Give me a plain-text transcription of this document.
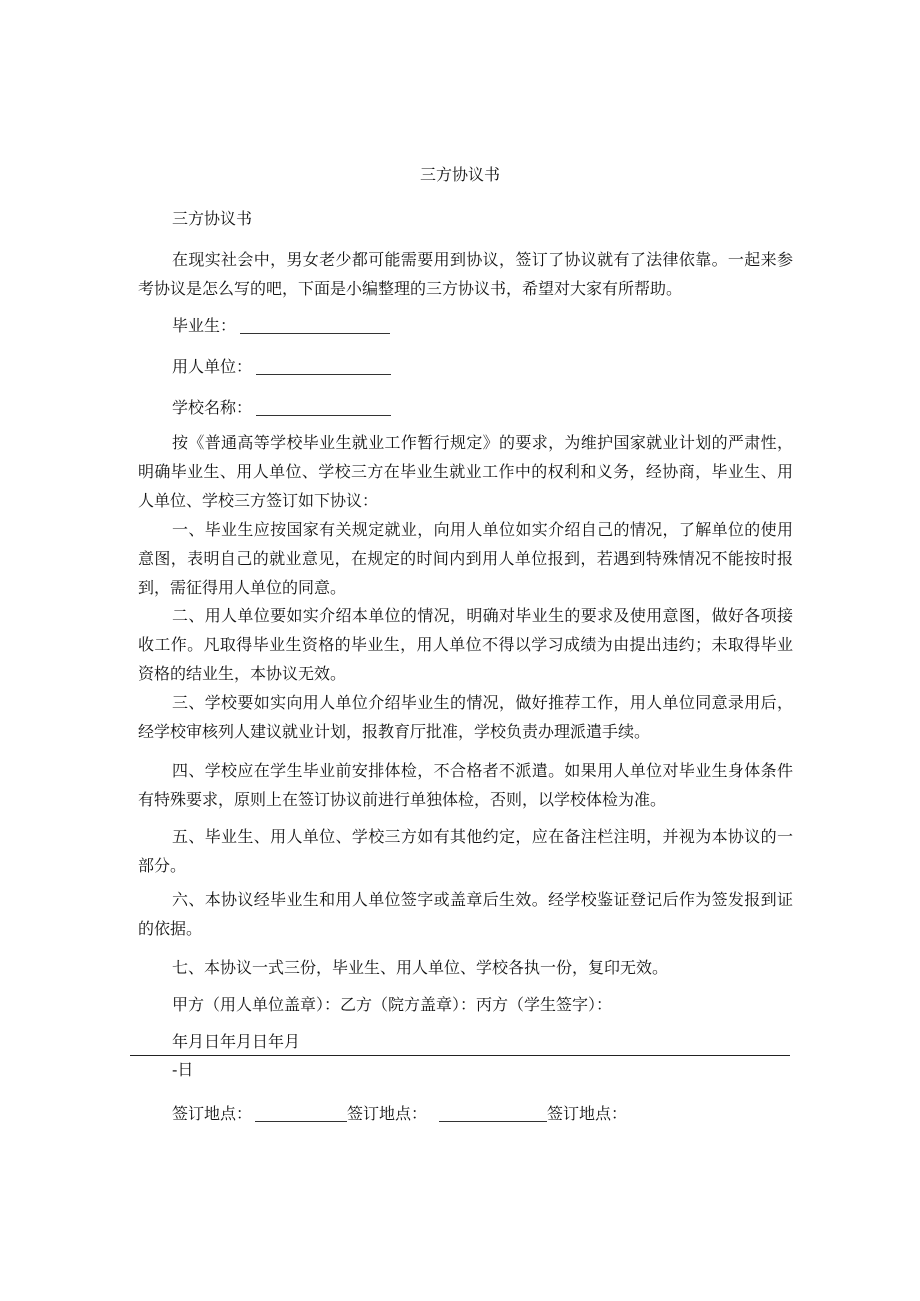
三方协议书
三方协议书
在现实社会中，男女老少都可能需要用到协议，签订了协议就有了法律依靠。一起来参考协议是怎么写的吧，下面是小编整理的三方协议书，希望对大家有所帮助。
毕业生：
用人单位：
学校名称：
按《普通高等学校毕业生就业工作暂行规定》的要求，为维护国家就业计划的严肃性，明确毕业生、用人单位、学校三方在毕业生就业工作中的权利和义务，经协商，毕业生、用人单位、学校三方签订如下协议：
一、毕业生应按国家有关规定就业，向用人单位如实介绍自己的情况，了解单位的使用意图，表明自己的就业意见，在规定的时间内到用人单位报到，若遇到特殊情况不能按时报到，需征得用人单位的同意。
二、用人单位要如实介绍本单位的情况，明确对毕业生的要求及使用意图，做好各项接收工作。凡取得毕业生资格的毕业生，用人单位不得以学习成绩为由提出违约；未取得毕业资格的结业生，本协议无效。
三、学校要如实向用人单位介绍毕业生的情况，做好推荐工作，用人单位同意录用后，经学校审核列人建议就业计划，报教育厅批准，学校负责办理派遣手续。
四、学校应在学生毕业前安排体检，不合格者不派遣。如果用人单位对毕业生身体条件有特殊要求，原则上在签订协议前进行单独体检，否则，以学校体检为准。
五、毕业生、用人单位、学校三方如有其他约定，应在备注栏注明，并视为本协议的一部分。
六、本协议经毕业生和用人单位签字或盖章后生效。经学校鉴证登记后作为签发报到证的依据。
七、本协议一式三份，毕业生、用人单位、学校各执一份，复印无效。
甲方（用人单位盖章）：乙方（院方盖章）：丙方（学生签字）：
年月日年月日年月
-日
签订地点：	签订地点：	签订地点：
